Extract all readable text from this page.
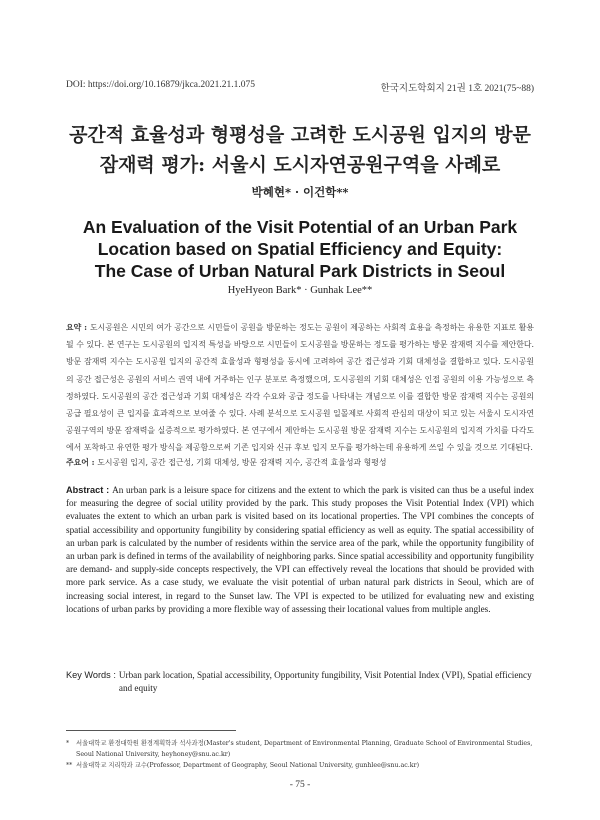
DOI: https://doi.org/10.16879/jkca.2021.21.1.075	한국지도학회지 21권 1호 2021(75~88)
공간적 효율성과 형평성을 고려한 도시공원 입지의 방문
잠재력 평가: 서울시 도시자연공원구역을 사례로
박혜현* · 이건학**
An Evaluation of the Visit Potential of an Urban Park
Location based on Spatial Efficiency and Equity:
The Case of Urban Natural Park Districts in Seoul
HyeHyeon Bark* · Gunhak Lee**
요약 : 도시공원은 시민의 여가 공간으로 시민들이 공원을 방문하는 정도는 공원이 제공하는 사회적 효용을 측정하는 유용한 지표로 활용될 수 있다. 본 연구는 도시공원의 입지적 특성을 바탕으로 시민들이 도시공원을 방문하는 정도를 평가하는 방문 잠재력 지수를 제안한다. 방문 잠재력 지수는 도시공원 입지의 공간적 효율성과 형평성을 동시에 고려하여 공간 접근성과 기회 대체성을 결합하고 있다. 도시공원의 공간 접근성은 공원의 서비스 권역 내에 거주하는 인구 분포로 측정했으며, 도시공원의 기회 대체성은 인접 공원의 이용 가능성으로 측정하였다. 도시공원의 공간 접근성과 기회 대체성은 각각 수요와 공급 정도를 나타내는 개념으로 이를 결합한 방문 잠재력 지수는 공원의 공급 필요성이 큰 입지를 효과적으로 보여줄 수 있다. 사례 분석으로 도시공원 일몰제로 사회적 관심의 대상이 되고 있는 서울시 도시자연공원구역의 방문 잠재력을 실증적으로 평가하였다. 본 연구에서 제안하는 도시공원 방문 잠재력 지수는 도시공원의 입지적 가치를 다각도에서 포착하고 유연한 평가 방식을 제공함으로써 기존 입지와 신규 후보 입지 모두를 평가하는데 유용하게 쓰일 수 있을 것으로 기대된다.
주요어 : 도시공원 입지, 공간 접근성, 기회 대체성, 방문 잠재력 지수, 공간적 효율성과 형평성
Abstract : An urban park is a leisure space for citizens and the extent to which the park is visited can thus be a useful index for measuring the degree of social utility provided by the park. This study proposes the Visit Potential Index (VPI) which evaluates the extent to which an urban park is visited based on its locational properties. The VPI combines the concepts of spatial accessibility and opportunity fungibility by considering spatial efficiency as well as equity. The spatial accessibility of an urban park is calculated by the number of residents within the service area of the park, while the opportunity fungibility of an urban park is defined in terms of the availability of neighboring parks. Since spatial accessibility and opportunity fungibility are demand- and supply-side concepts respectively, the VPI can effectively reveal the locations that should be provided with more park service. As a case study, we evaluate the visit potential of urban natural park districts in Seoul, which are of increasing social interest, in regard to the Sunset law. The VPI is expected to be utilized for evaluating new and existing locations of urban parks by providing a more flexible way of assessing their locational values from multiple angles.
Key Words : Urban park location, Spatial accessibility, Opportunity fungibility, Visit Potential Index (VPI), Spatial efficiency and equity
*	서울대학교 환경대학원 환경계획학과 석사과정(Master's student, Department of Environmental Planning, Graduate School of Environmental Studies, Seoul National University, heyhoney@snu.ac.kr)
** 서울대학교 지리학과 교수(Professor, Department of Geography, Seoul National University, gunhlee@snu.ac.kr)
- 75 -
